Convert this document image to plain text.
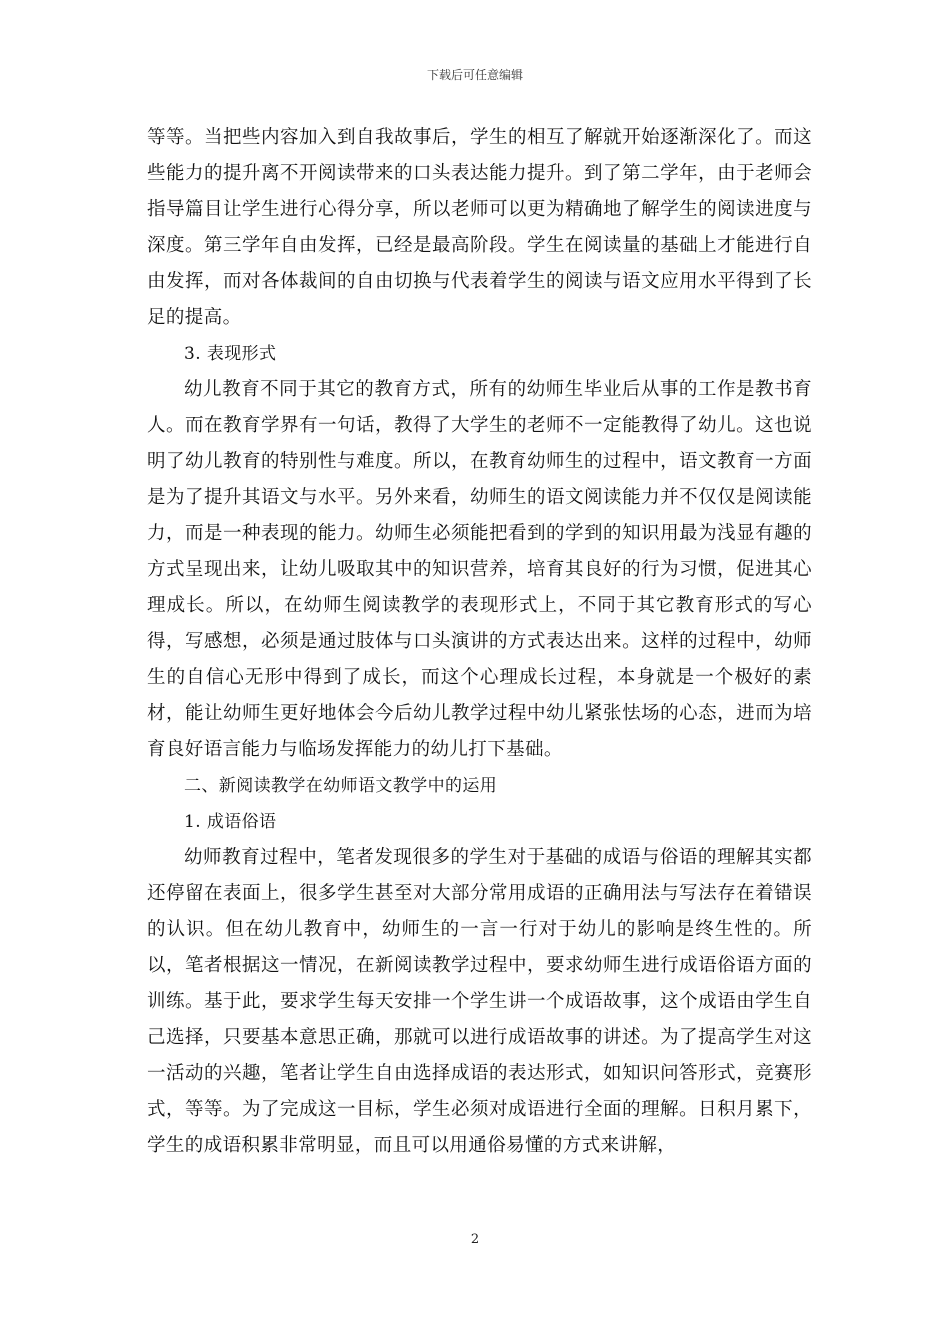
下载后可任意编辑

等等。当把些内容加入到自我故事后，学生的相互了解就开始逐渐深化了。而这些能力的提升离不开阅读带来的口头表达能力提升。到了第二学年，由于老师会指导篇目让学生进行心得分享，所以老师可以更为精确地了解学生的阅读进度与深度。第三学年自由发挥，已经是最高阶段。学生在阅读量的基础上才能进行自由发挥，而对各体裁间的自由切换与代表着学生的阅读与语文应用水平得到了长足的提高。

3. 表现形式

幼儿教育不同于其它的教育方式，所有的幼师生毕业后从事的工作是教书育人。而在教育学界有一句话，教得了大学生的老师不一定能教得了幼儿。这也说明了幼儿教育的特别性与难度。所以，在教育幼师生的过程中，语文教育一方面是为了提升其语文与水平。另外来看，幼师生的语文阅读能力并不仅仅是阅读能力，而是一种表现的能力。幼师生必须能把看到的学到的知识用最为浅显有趣的方式呈现出来，让幼儿吸取其中的知识营养，培育其良好的行为习惯，促进其心理成长。所以，在幼师生阅读教学的表现形式上，不同于其它教育形式的写心得，写感想，必须是通过肢体与口头演讲的方式表达出来。这样的过程中，幼师生的自信心无形中得到了成长，而这个心理成长过程，本身就是一个极好的素材，能让幼师生更好地体会今后幼儿教学过程中幼儿紧张怯场的心态，进而为培育良好语言能力与临场发挥能力的幼儿打下基础。

二、新阅读教学在幼师语文教学中的运用

1. 成语俗语

幼师教育过程中，笔者发现很多的学生对于基础的成语与俗语的理解其实都还停留在表面上，很多学生甚至对大部分常用成语的正确用法与写法存在着错误的认识。但在幼儿教育中，幼师生的一言一行对于幼儿的影响是终生性的。所以，笔者根据这一情况，在新阅读教学过程中，要求幼师生进行成语俗语方面的训练。基于此，要求学生每天安排一个学生讲一个成语故事，这个成语由学生自己选择，只要基本意思正确，那就可以进行成语故事的讲述。为了提高学生对这一活动的兴趣，笔者让学生自由选择成语的表达形式，如知识问答形式，竞赛形式，等等。为了完成这一目标，学生必须对成语进行全面的理解。日积月累下，学生的成语积累非常明显，而且可以用通俗易懂的方式来讲解，

2
